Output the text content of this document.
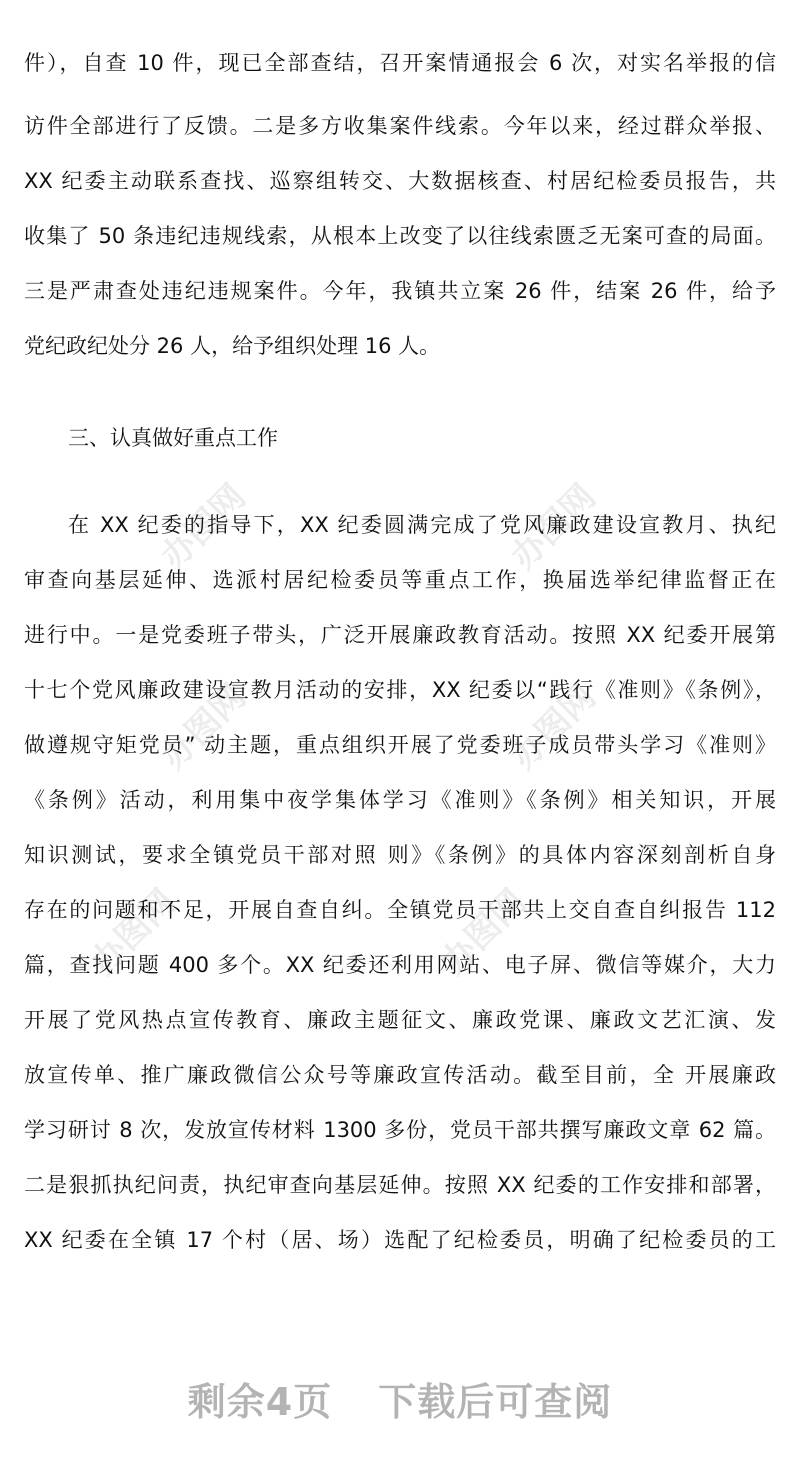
办图网	办图网
办图网	办图网
办图网	办图网
件），自查 10 件，现已全部查结，召开案情通报会 6 次，对实名举报的信
访件全部进行了反馈。二是多方收集案件线索。今年以来，经过群众举报、
XX 纪委主动联系查找、巡察组转交、大数据核查、村居纪检委员报告，共
收集了 50 条违纪违规线索，从根本上改变了以往线索匮乏无案可查的局面。
三是严肃查处违纪违规案件。今年，我镇共立案 26 件，结案 26 件，给予
党纪政纪处分 26 人，给予组织处理 16 人。
三、认真做好重点工作
在 XX 纪委的指导下，XX 纪委圆满完成了党风廉政建设宣教月、执纪
审查向基层延伸、选派村居纪检委员等重点工作，换届选举纪律监督正在
进行中。一是党委班子带头，广泛开展廉政教育活动。按照 XX 纪委开展第
十七个党风廉政建设宣教月活动的安排，XX 纪委以“践行《准则》《条例》，
做遵规守矩党员” 动主题，重点组织开展了党委班子成员带头学习《准则》
《条例》活动，利用集中夜学集体学习《准则》《条例》相关知识，开展
知识测试，要求全镇党员干部对照 则》《条例》的具体内容深刻剖析自身
存在的问题和不足，开展自查自纠。全镇党员干部共上交自查自纠报告 112
篇，查找问题 400 多个。XX 纪委还利用网站、电子屏、微信等媒介，大力
开展了党风热点宣传教育、廉政主题征文、廉政党课、廉政文艺汇演、发
放宣传单、推广廉政微信公众号等廉政宣传活动。截至目前，全 开展廉政
学习研讨 8 次，发放宣传材料 1300 多份，党员干部共撰写廉政文章 62 篇。
二是狠抓执纪问责，执纪审查向基层延伸。按照 XX 纪委的工作安排和部署，
XX 纪委在全镇 17 个村（居、场）选配了纪检委员，明确了纪检委员的工
剩余4页 下载后可查阅
